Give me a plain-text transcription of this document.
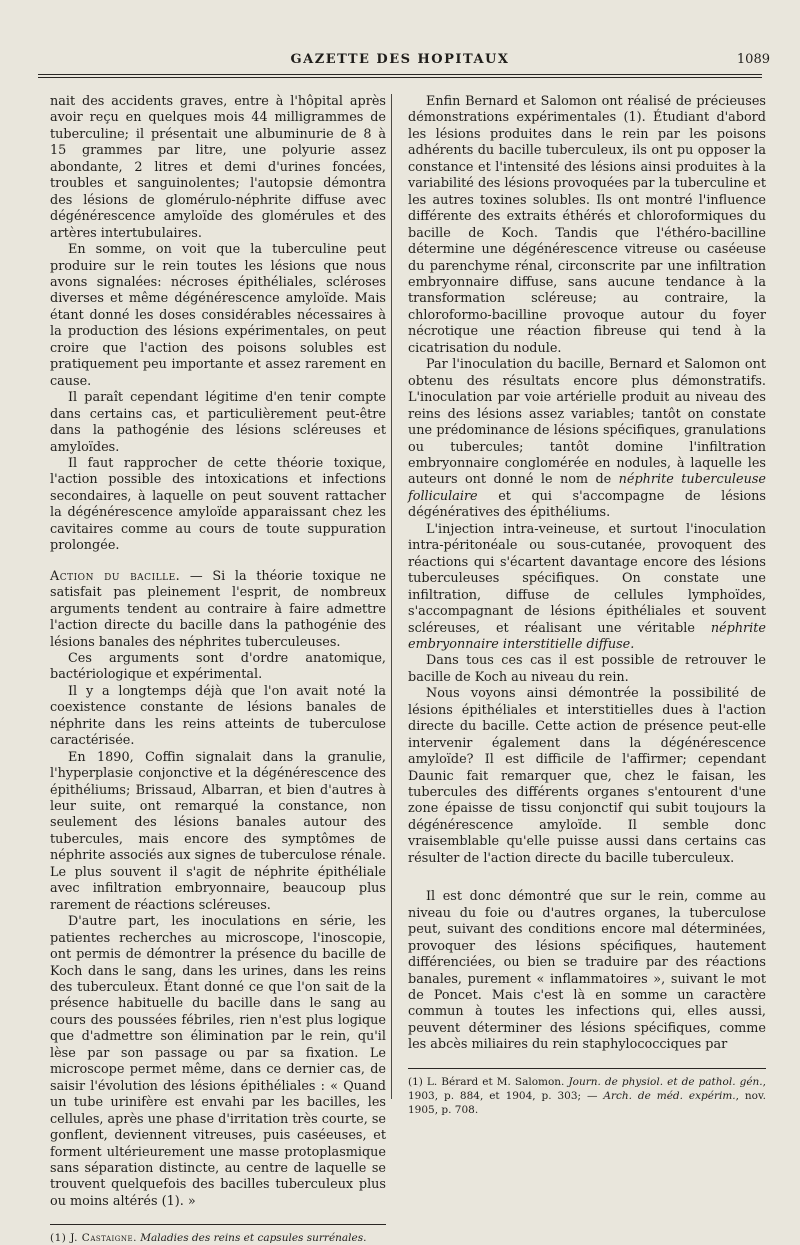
GAZETTE DES HOPITAUX	1089

nait des accidents graves, entre à l'hôpital après avoir reçu en quelques mois 44 milligrammes de tuberculine; il présentait une albuminurie de 8 à 15 grammes par litre, une polyurie assez abondante, 2 litres et demi d'urines foncées, troubles et sanguinolentes; l'autopsie démontra des lésions de glomérulo-néphrite diffuse avec dégénérescence amyloïde des glomérules et des artères intertubulaires.

En somme, on voit que la tuberculine peut produire sur le rein toutes les lésions que nous avons signalées: nécroses épithéliales, scléroses diverses et même dégénérescence amyloïde. Mais étant donné les doses considérables nécessaires à la production des lésions expérimentales, on peut croire que l'action des poisons solubles est pratiquement peu importante et assez rarement en cause.

Il paraît cependant légitime d'en tenir compte dans certains cas, et particulièrement peut-être dans la pathogénie des lésions scléreuses et amyloïdes.

Il faut rapprocher de cette théorie toxique, l'action possible des intoxications et infections secondaires, à laquelle on peut souvent rattacher la dégénérescence amyloïde apparaissant chez les cavitaires comme au cours de toute suppuration prolongée.

Action du bacille. — Si la théorie toxique ne satisfait pas pleinement l'esprit, de nombreux arguments tendent au contraire à faire admettre l'action directe du bacille dans la pathogénie des lésions banales des néphrites tuberculeuses.

Ces arguments sont d'ordre anatomique, bactériologique et expérimental.

Il y a longtemps déjà que l'on avait noté la coexistence constante de lésions banales de néphrite dans les reins atteints de tuberculose caractérisée.

En 1890, Coffin signalait dans la granulie, l'hyperplasie conjonctive et la dégénérescence des épithéliums; Brissaud, Albarran, et bien d'autres à leur suite, ont remarqué la constance, non seulement des lésions banales autour des tubercules, mais encore des symptômes de néphrite associés aux signes de tuberculose rénale. Le plus souvent il s'agit de néphrite épithéliale avec infiltration embryonnaire, beaucoup plus rarement de réactions scléreuses.

D'autre part, les inoculations en série, les patientes recherches au microscope, l'inoscopie, ont permis de démontrer la présence du bacille de Koch dans le sang, dans les urines, dans les reins des tuberculeux. Étant donné ce que l'on sait de la présence habituelle du bacille dans le sang au cours des poussées fébriles, rien n'est plus logique que d'admettre son élimination par le rein, qu'il lèse par son passage ou par sa fixation. Le microscope permet même, dans ce dernier cas, de saisir l'évolution des lésions épithéliales : « Quand un tube urinifère est envahi par les bacilles, les cellules, après une phase d'irritation très courte, se gonflent, deviennent vitreuses, puis caséeuses, et forment ultérieurement une masse protoplasmique sans séparation distincte, au centre de laquelle se trouvent quelquefois des bacilles tuberculeux plus ou moins altérés (1). »

(1) J. Castaigne. Maladies des reins et capsules surrénales.

Enfin Bernard et Salomon ont réalisé de précieuses démonstrations expérimentales (1). Étudiant d'abord les lésions produites dans le rein par les poisons adhérents du bacille tuberculeux, ils ont pu opposer la constance et l'intensité des lésions ainsi produites à la variabilité des lésions provoquées par la tuberculine et les autres toxines solubles. Ils ont montré l'influence différente des extraits éthérés et chloroformiques du bacille de Koch. Tandis que l'éthéro-bacilline détermine une dégénérescence vitreuse ou caséeuse du parenchyme rénal, circonscrite par une infiltration embryonnaire diffuse, sans aucune tendance à la transformation scléreuse; au contraire, la chloroformo-bacilline provoque autour du foyer nécrotique une réaction fibreuse qui tend à la cicatrisation du nodule.

Par l'inoculation du bacille, Bernard et Salomon ont obtenu des résultats encore plus démonstratifs. L'inoculation par voie artérielle produit au niveau des reins des lésions assez variables; tantôt on constate une prédominance de lésions spécifiques, granulations ou tubercules; tantôt domine l'infiltration embryonnaire conglomérée en nodules, à laquelle les auteurs ont donné le nom de néphrite tuberculeuse folliculaire et qui s'accompagne de lésions dégénératives des épithéliums.

L'injection intra-veineuse, et surtout l'inoculation intra-péritonéale ou sous-cutanée, provoquent des réactions qui s'écartent davantage encore des lésions tuberculeuses spécifiques. On constate une infiltration, diffuse de cellules lymphoïdes, s'accompagnant de lésions épithéliales et souvent scléreuses, et réalisant une véritable néphrite embryonnaire interstitielle diffuse.

Dans tous ces cas il est possible de retrouver le bacille de Koch au niveau du rein.

Nous voyons ainsi démontrée la possibilité de lésions épithéliales et interstitielles dues à l'action directe du bacille. Cette action de présence peut-elle intervenir également dans la dégénérescence amyloïde? Il est difficile de l'affirmer; cependant Daunic fait remarquer que, chez le faisan, les tubercules des différents organes s'entourent d'une zone épaisse de tissu conjonctif qui subit toujours la dégénérescence amyloïde. Il semble donc vraisemblable qu'elle puisse aussi dans certains cas résulter de l'action directe du bacille tuberculeux.

Il est donc démontré que sur le rein, comme au niveau du foie ou d'autres organes, la tuberculose peut, suivant des conditions encore mal déterminées, provoquer des lésions spécifiques, hautement différenciées, ou bien se traduire par des réactions banales, purement « inflammatoires », suivant le mot de Poncet. Mais c'est là en somme un caractère commun à toutes les infections qui, elles aussi, peuvent déterminer des lésions spécifiques, comme les abcès miliaires du rein staphylococciques par

(1) L. Bérard et M. Salomon. Journ. de physiol. et de pathol. gén., 1903, p. 884, et 1904, p. 303; — Arch. de méd. expérim., nov. 1905, p. 708.
